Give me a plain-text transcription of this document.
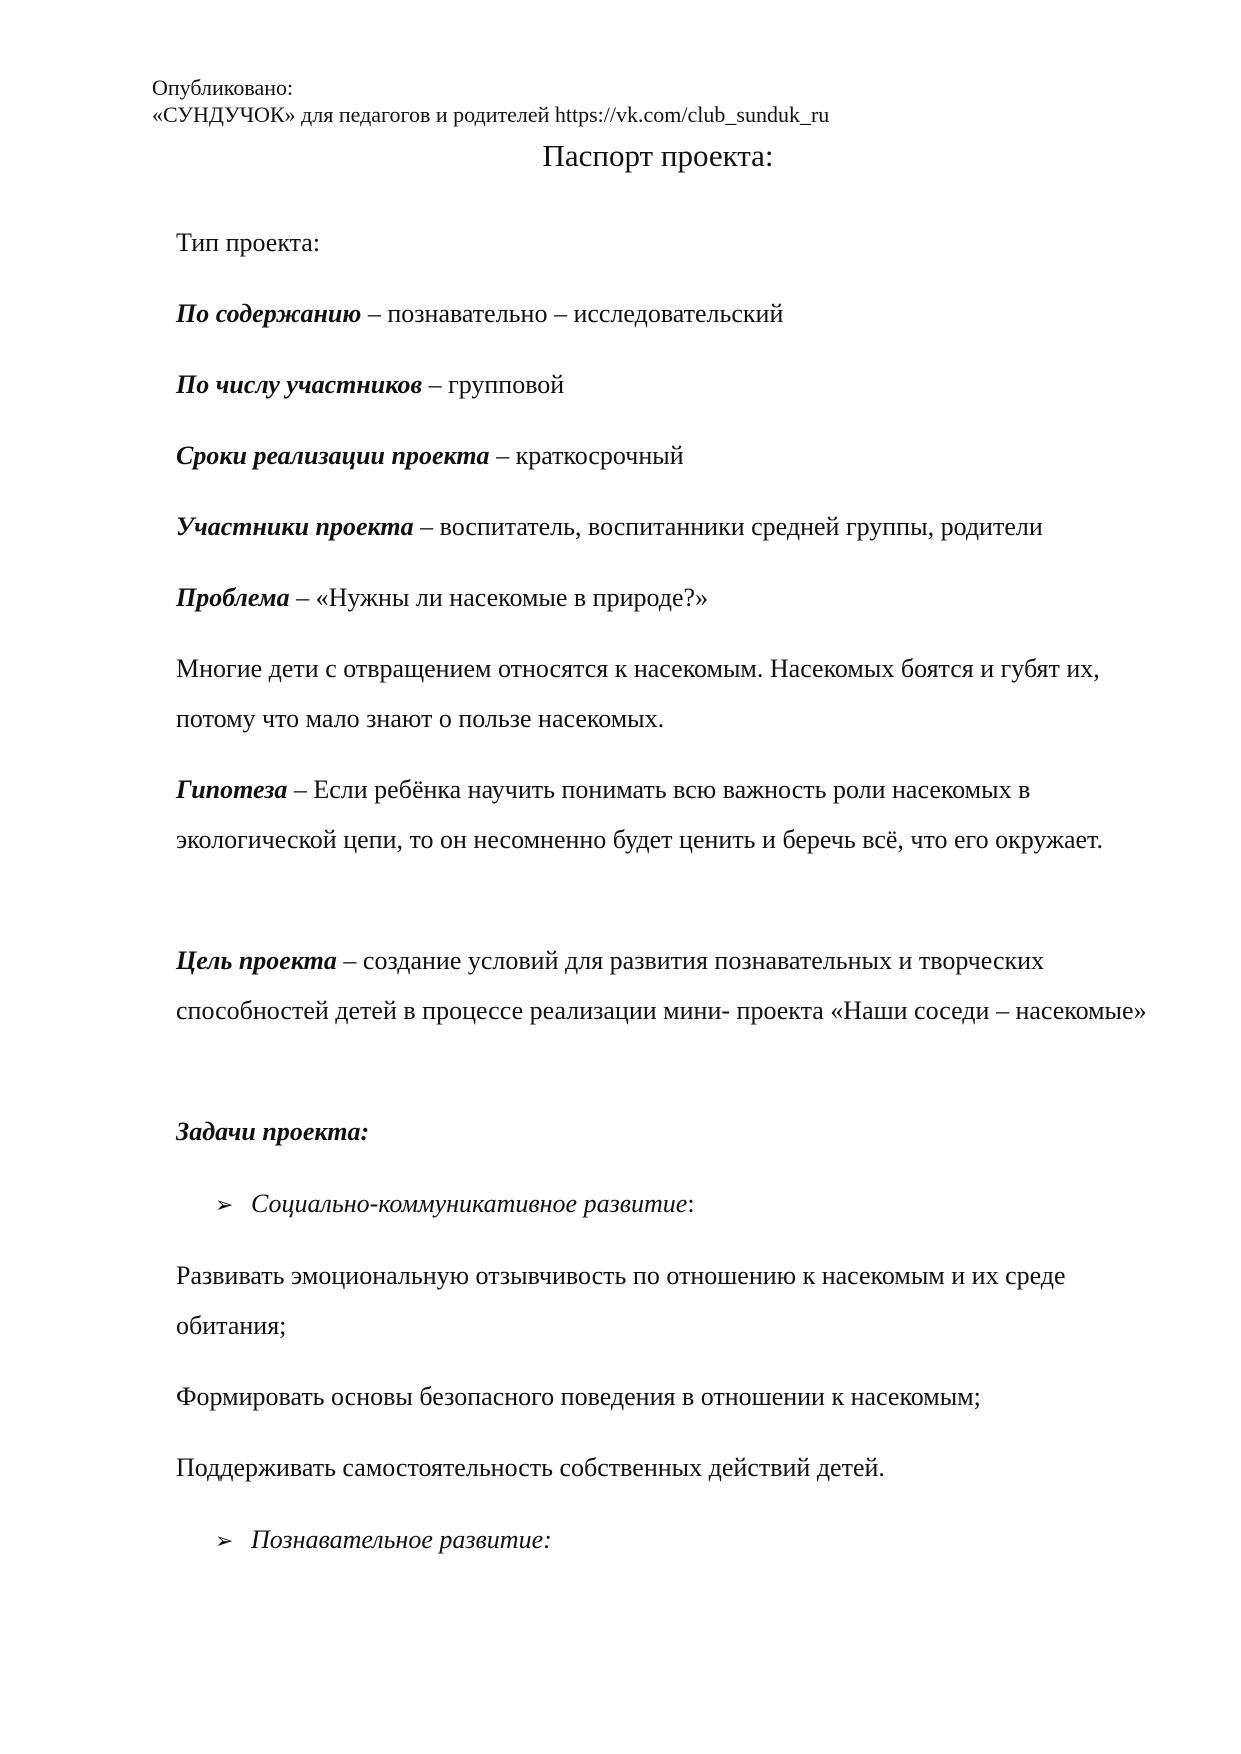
Опубликовано:
«СУНДУЧОК» для педагогов и родителей https://vk.com/club_sunduk_ru
Паспорт проекта:
Тип проекта:
По содержанию – познавательно – исследовательский
По числу участников – групповой
Сроки реализации проекта – краткосрочный
Участники проекта – воспитатель, воспитанники средней группы, родители
Проблема – «Нужны ли насекомые в природе?»
Многие дети с отвращением относятся к насекомым. Насекомых боятся и губят их, потому что мало знают о пользе насекомых.
Гипотеза – Если ребёнка научить понимать всю важность роли насекомых в экологической цепи, то он несомненно будет ценить и беречь всё, что его окружает.
Цель проекта – создание условий для развития познавательных и творческих способностей детей в процессе реализации мини- проекта «Наши соседи – насекомые»
Задачи проекта:
➢ Социально-коммуникативное развитие:
Развивать эмоциональную отзывчивость по отношению к насекомым и их среде обитания;
Формировать основы безопасного поведения в отношении к насекомым;
Поддерживать самостоятельность собственных действий детей.
➢ Познавательное развитие:
